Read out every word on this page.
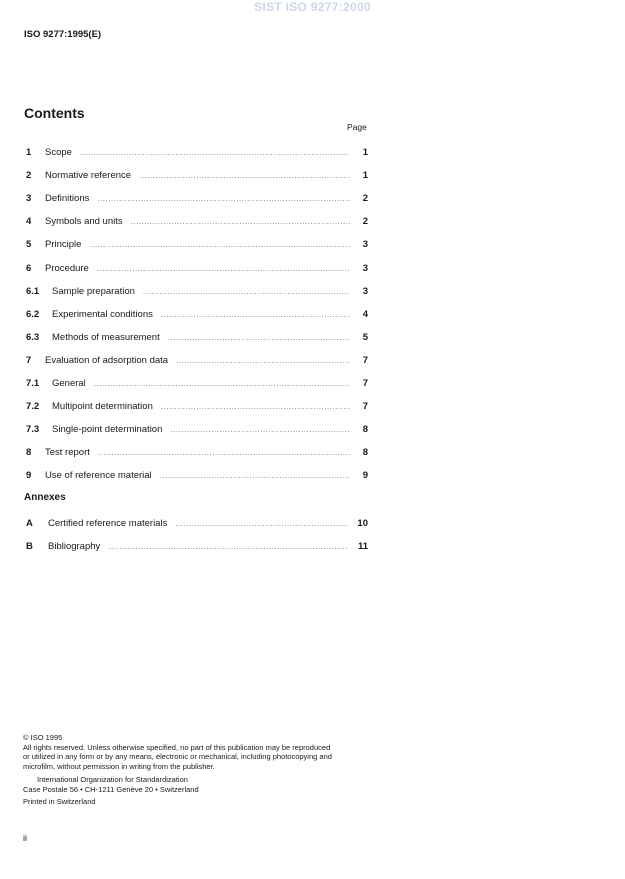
SIST ISO 9277:2000
ISO 9277:1995(E)
Contents
Page
1	Scope .....	1
2	Normative reference .....	1
3	Definitions .....	2
4	Symbols and units .....	2
5	Principle .....	3
6	Procedure .....	3
6.1	Sample preparation .....	3
6.2	Experimental conditions .....	4
6.3	Methods of measurement .....	5
7	Evaluation of adsorption data .....	7
7.1	General .....	7
7.2	Multipoint determination .....	7
7.3	Single-point determination .....	8
8	Test report .....	8
9	Use of reference material .....	9
Annexes
A	Certified reference materials .....	10
B	Bibliography .....	11
© ISO 1995
All rights reserved. Unless otherwise specified, no part of this publication may be reproduced
or utilized in any form or by any means, electronic or mechanical, including photocopying and
microfilm, without permission in writing from the publisher.
International Organization for Standardization
Case Postale 56 • CH-1211 Genève 20 • Switzerland
Printed in Switzerland
ii
